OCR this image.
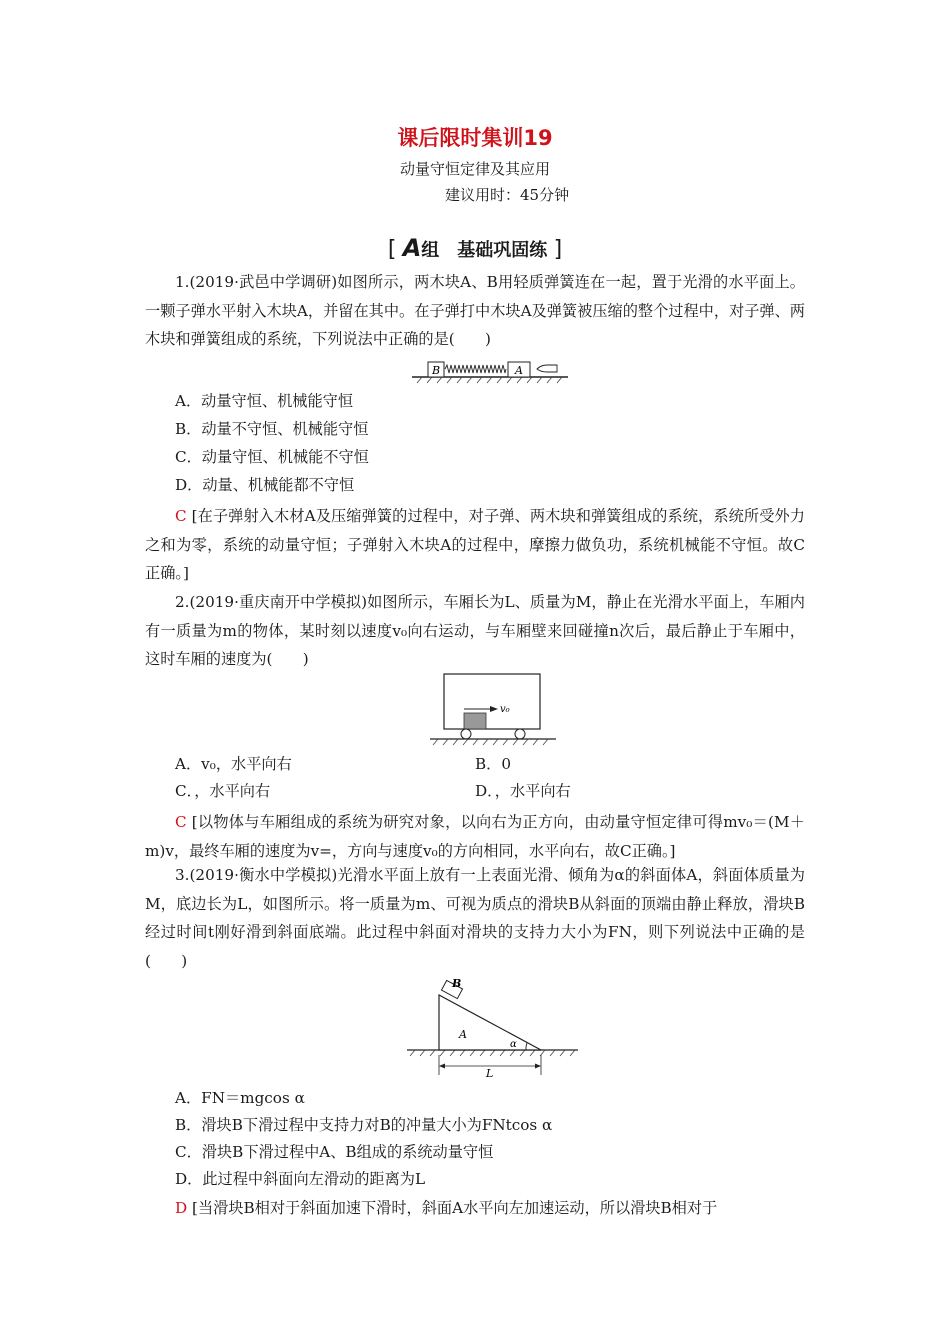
课后限时集训19
动量守恒定律及其应用
建议用时：45分钟
[ A组　基础巩固练 ]
1.(2019·武邑中学调研)如图所示，两木块A、B用轻质弹簧连在一起，置于光滑的水平面上。一颗子弹水平射入木块A，并留在其中。在子弹打中木块A及弹簧被压缩的整个过程中，对子弹、两木块和弹簧组成的系统，下列说法中正确的是(　　)
B	A
A．动量守恒、机械能守恒
B．动量不守恒、机械能守恒
C．动量守恒、机械能不守恒
D．动量、机械能都不守恒
C [在子弹射入木材A及压缩弹簧的过程中，对子弹、两木块和弹簧组成的系统，系统所受外力之和为零，系统的动量守恒；子弹射入木块A的过程中，摩擦力做负功，系统机械能不守恒。故C正确。]
2.(2019·重庆南开中学模拟)如图所示，车厢长为L、质量为M，静止在光滑水平面上，车厢内有一质量为m的物体，某时刻以速度v₀向右运动，与车厢壁来回碰撞n次后，最后静止于车厢中，这时车厢的速度为(　　)
v₀
A．v₀，水平向右	B．0
C．，水平向右	D．，水平向右
C [以物体与车厢组成的系统为研究对象，以向右为正方向，由动量守恒定律可得mv₀＝(M＋m)v，最终车厢的速度为v=，方向与速度v₀的方向相同，水平向右，故C正确。]
3.(2019·衡水中学模拟)光滑水平面上放有一上表面光滑、倾角为α的斜面体A，斜面体质量为M，底边长为L，如图所示。将一质量为m、可视为质点的滑块B从斜面的顶端由静止释放，滑块B经过时间t刚好滑到斜面底端。此过程中斜面对滑块的支持力大小为FN，则下列说法中正确的是(　　)
A
α
B
L
A．FN＝mgcos α
B．滑块B下滑过程中支持力对B的冲量大小为FNtcos α
C．滑块B下滑过程中A、B组成的系统动量守恒
D．此过程中斜面向左滑动的距离为L
D [当滑块B相对于斜面加速下滑时，斜面A水平向左加速运动，所以滑块B相对于
